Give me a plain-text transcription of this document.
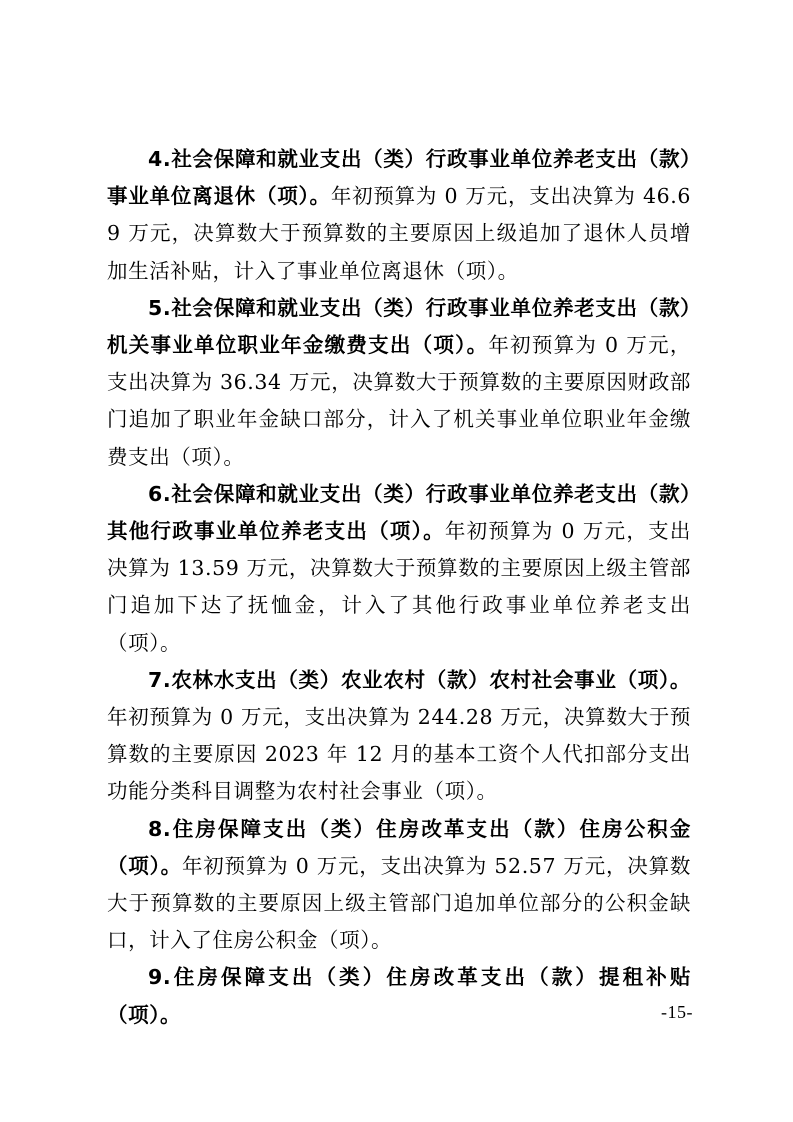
4.社会保障和就业支出（类）行政事业单位养老支出（款）事业单位离退休（项）。年初预算为 0 万元，支出决算为 46.69 万元，决算数大于预算数的主要原因上级追加了退休人员增加生活补贴，计入了事业单位离退休（项）。

5.社会保障和就业支出（类）行政事业单位养老支出（款）机关事业单位职业年金缴费支出（项）。年初预算为 0 万元，支出决算为 36.34 万元，决算数大于预算数的主要原因财政部门追加了职业年金缺口部分，计入了机关事业单位职业年金缴费支出（项）。

6.社会保障和就业支出（类）行政事业单位养老支出（款）其他行政事业单位养老支出（项）。年初预算为 0 万元，支出决算为 13.59 万元，决算数大于预算数的主要原因上级主管部门追加下达了抚恤金，计入了其他行政事业单位养老支出（项）。

7.农林水支出（类）农业农村（款）农村社会事业（项）。年初预算为 0 万元，支出决算为 244.28 万元，决算数大于预算数的主要原因 2023 年 12 月的基本工资个人代扣部分支出功能分类科目调整为农村社会事业（项）。

8.住房保障支出（类）住房改革支出（款）住房公积金（项）。年初预算为 0 万元，支出决算为 52.57 万元，决算数大于预算数的主要原因上级主管部门追加单位部分的公积金缺口，计入了住房公积金（项）。

9.住房保障支出（类）住房改革支出（款）提租补贴（项）。	-15-
